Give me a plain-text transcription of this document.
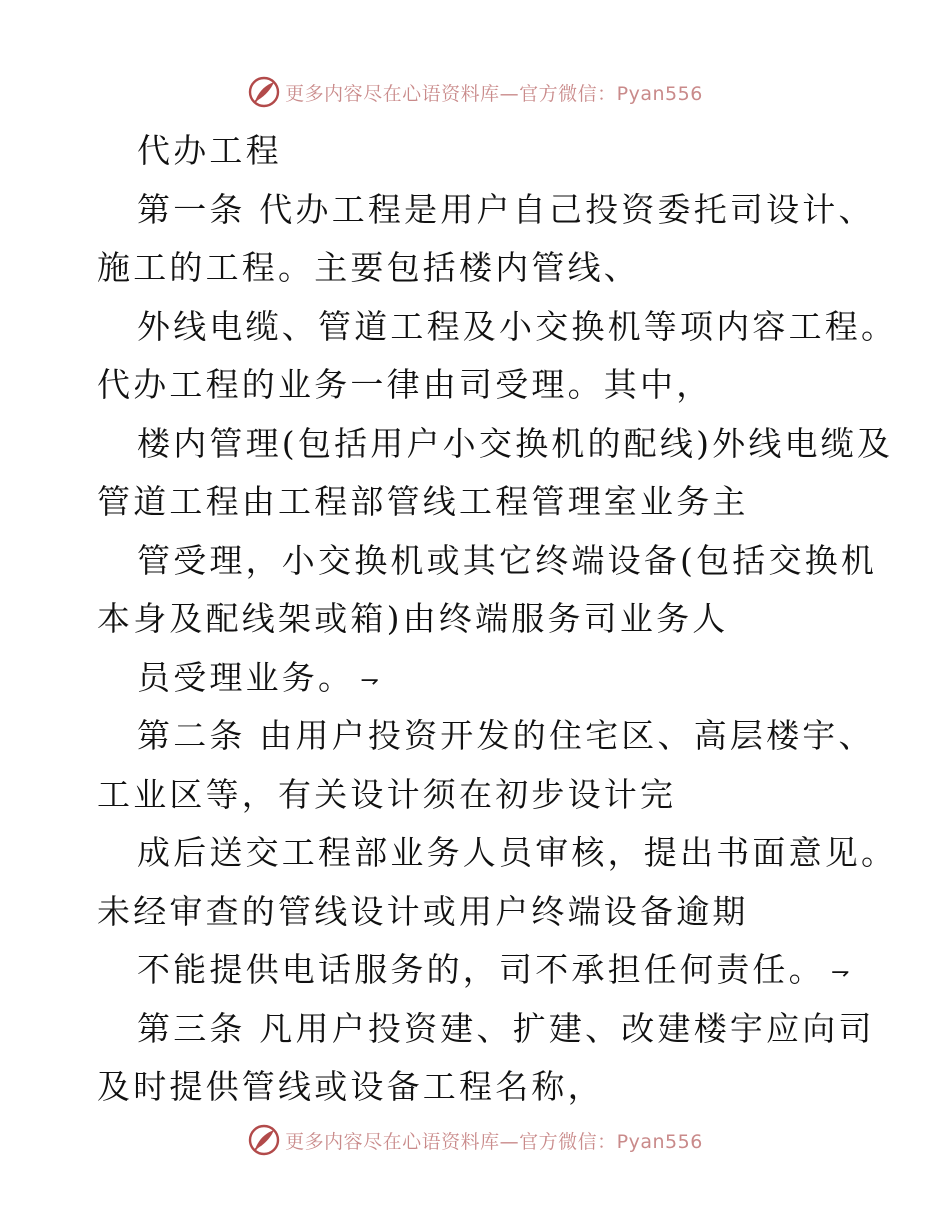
更多内容尽在心语资料库—官方微信：Pyan556
代办工程
第一条 代办工程是用户自己投资委托司设计、
施工的工程。主要包括楼内管线、
外线电缆、管道工程及小交换机等项内容工程。
代办工程的业务一律由司受理。其中，
楼内管理(包括用户小交换机的配线)外线电缆及
管道工程由工程部管线工程管理室业务主
管受理，小交换机或其它终端设备(包括交换机
本身及配线架或箱)由终端服务司业务人
员受理业务。 ⇁
第二条 由用户投资开发的住宅区、高层楼宇、
工业区等，有关设计须在初步设计完
成后送交工程部业务人员审核，提出书面意见。
未经审查的管线设计或用户终端设备逾期
不能提供电话服务的，司不承担任何责任。 ⇁
第三条 凡用户投资建、扩建、改建楼宇应向司
及时提供管线或设备工程名称，
更多内容尽在心语资料库—官方微信：Pyan556
